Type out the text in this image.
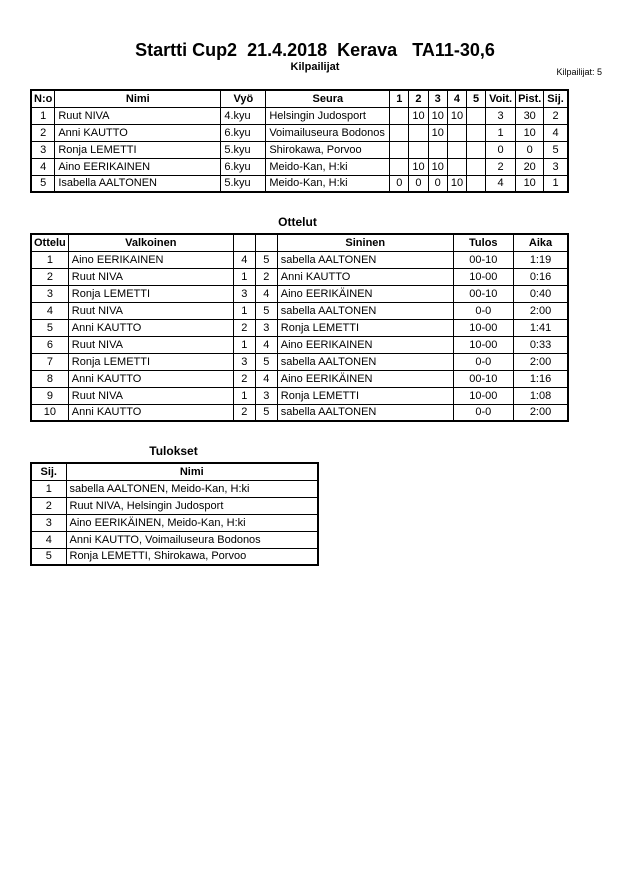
Startti Cup2  21.4.2018  Kerava   TA11-30,6
Kilpailijat	Kilpailijat: 5
N:o	Nimi	Vyö	Seura	1	2	3	4	5	Voit.	Pist.	Sij.
1	Ruut NIVA	4.kyu	Helsingin Judosport		10	10	10		3	30	2
2	Anni KAUTTO	6.kyu	Voimailuseura Bodonos			10			1	10	4
3	Ronja LEMETTI	5.kyu	Shirokawa, Porvoo						0	0	5
4	Aino EERIKAINEN	6.kyu	Meido-Kan, H:ki		10	10			2	20	3
5	Isabella AALTONEN	5.kyu	Meido-Kan, H:ki	0	0	0	10		4	10	1
Ottelut
Ottelu	Valkoinen			Sininen	Tulos	Aika
1	Aino EERIKAINEN	4	5	sabella AALTONEN	00-10	1:19
2	Ruut NIVA	1	2	Anni KAUTTO	10-00	0:16
3	Ronja LEMETTI	3	4	Aino EERIKÄINEN	00-10	0:40
4	Ruut NIVA	1	5	sabella AALTONEN	0-0	2:00
5	Anni KAUTTO	2	3	Ronja LEMETTI	10-00	1:41
6	Ruut NIVA	1	4	Aino EERIKAINEN	10-00	0:33
7	Ronja LEMETTI	3	5	sabella AALTONEN	0-0	2:00
8	Anni KAUTTO	2	4	Aino EERIKÄINEN	00-10	1:16
9	Ruut NIVA	1	3	Ronja LEMETTI	10-00	1:08
10	Anni KAUTTO	2	5	sabella AALTONEN	0-0	2:00
Tulokset
Sij.	Nimi
1	sabella AALTONEN, Meido-Kan, H:ki
2	Ruut NIVA, Helsingin Judosport
3	Aino EERIKÄINEN, Meido-Kan, H:ki
4	Anni KAUTTO, Voimailuseura Bodonos
5	Ronja LEMETTI, Shirokawa, Porvoo
